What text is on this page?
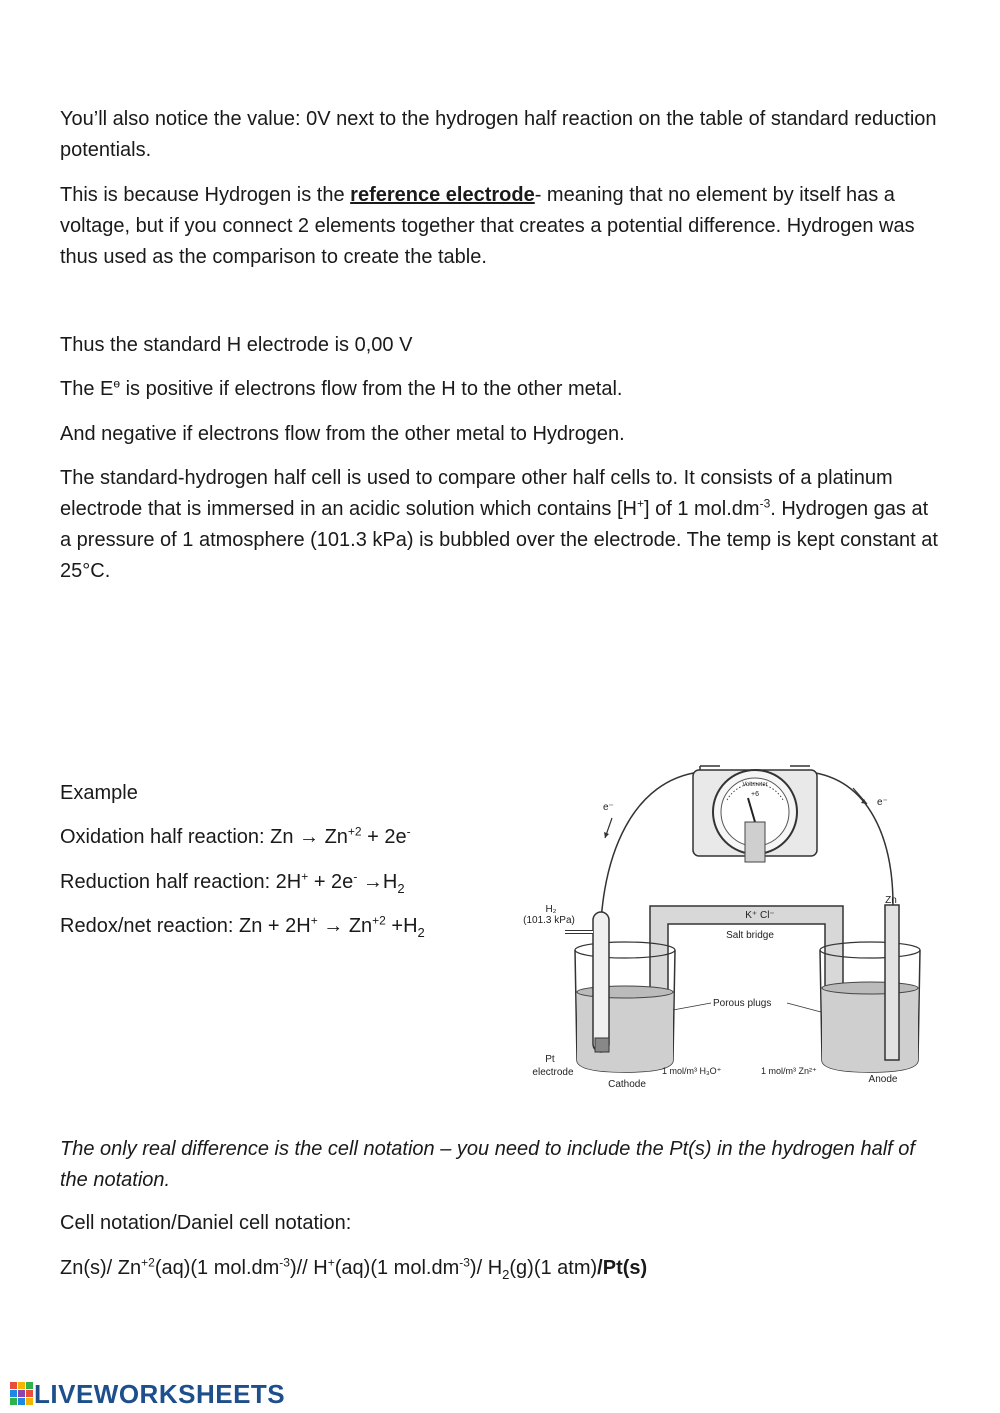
You’ll also notice the value: 0V next to the hydrogen half reaction on the table of standard reduction potentials.

This is because Hydrogen is the reference electrode- meaning that no element by itself has a voltage, but if you connect 2 elements together that creates a potential difference. Hydrogen was thus used as the comparison to create the table.

Thus the standard H electrode is 0,00 V

The $E^ө$ is positive if electrons flow from the H to the other metal.

And negative if electrons flow from the other metal to Hydrogen.

The standard-hydrogen half cell is used to compare other half cells to. It consists of a platinum electrode that is immersed in an acidic solution which contains [H+] of 1 $mol.dm^{-3}$. Hydrogen gas at a pressure of 1 atmosphere (101.3 kPa) is bubbled over the electrode. The temp is kept constant at 25°C.

Example

Oxidation half reaction: $Zn \to Zn^{+2} + 2e^-$

Reduction half reaction: $2H^+ + 2e^- \to H_2$

Redox/net reaction: $Zn + 2H^+ \to Zn^{+2} +H_2$

Voltmeter
+6
e⁻	e⁻
K⁺ Cl⁻
Salt bridge
H₂
(101.3 kPa)
Zn
Porous plugs
Pt
electrode
Cathode
1 mol/m³ H₃O⁺	1 mol/m³ Zn²⁺
Anode

The only real difference is the cell notation – you need to include the Pt(s) in the hydrogen half of the notation.

Cell notation/Daniel cell notation:

Zn(s)/ $Zn^{+2}(aq)(1$ $mol.dm^{-3})//$ H+(aq)(1 $mol.dm^{-3})/$ $H_2(g)(1$ atm)/Pt(s)

LIVEWORKSHEETS
